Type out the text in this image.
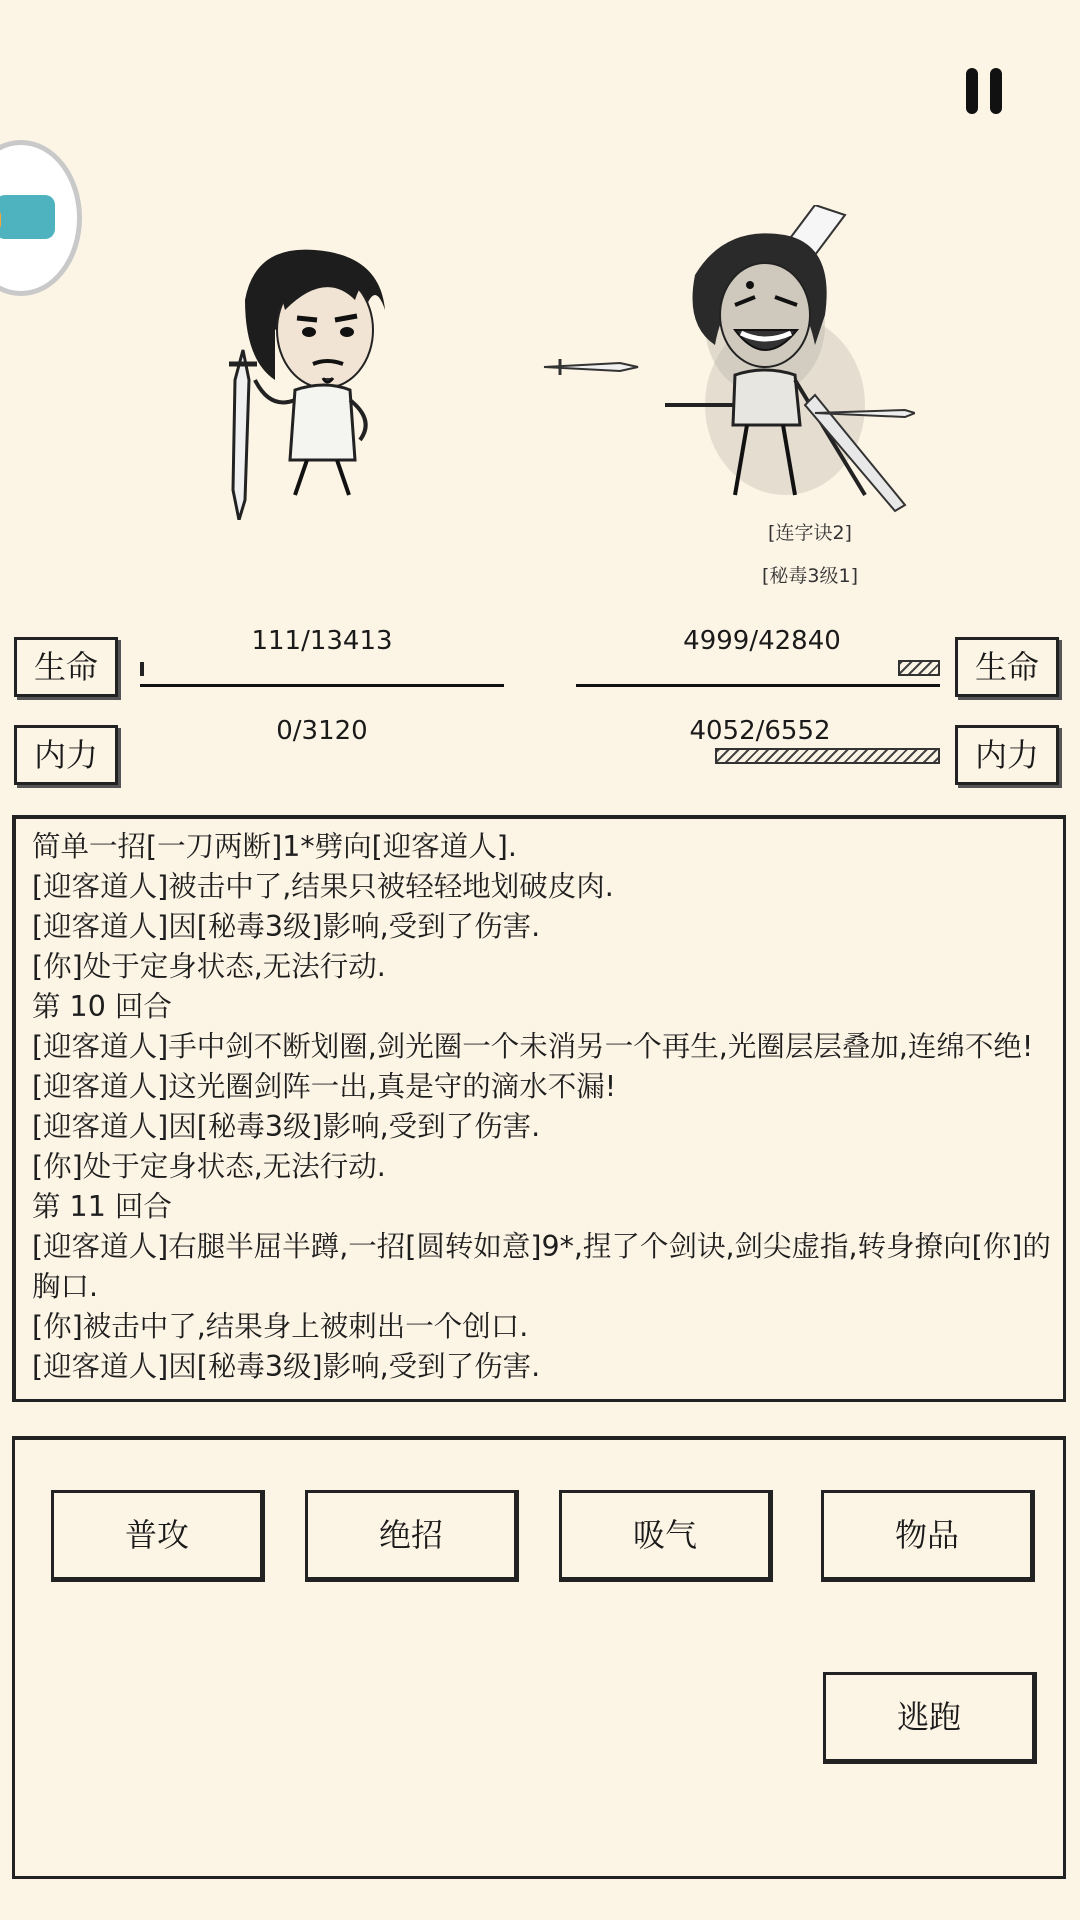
[连字诀2]
[秘毒3级1]
生命
111/13413	4999/42840
生命
内力
0/3120	4052/6552
内力
简单一招[一刀两断]1*劈向[迎客道人].
[迎客道人]被击中了,结果只被轻轻地划破皮肉.
[迎客道人]因[秘毒3级]影响,受到了伤害.
[你]处于定身状态,无法行动.
第 10 回合
[迎客道人]手中剑不断划圈,剑光圈一个未消另一个再生,光圈层层叠加,连绵不绝!
[迎客道人]这光圈剑阵一出,真是守的滴水不漏!
[迎客道人]因[秘毒3级]影响,受到了伤害.
[你]处于定身状态,无法行动.
第 11 回合
[迎客道人]右腿半屈半蹲,一招[圆转如意]9*,捏了个剑诀,剑尖虚指,转身撩向[你]的胸口.
[你]被击中了,结果身上被刺出一个创口.
[迎客道人]因[秘毒3级]影响,受到了伤害.
普攻	绝招	吸气	物品
逃跑
